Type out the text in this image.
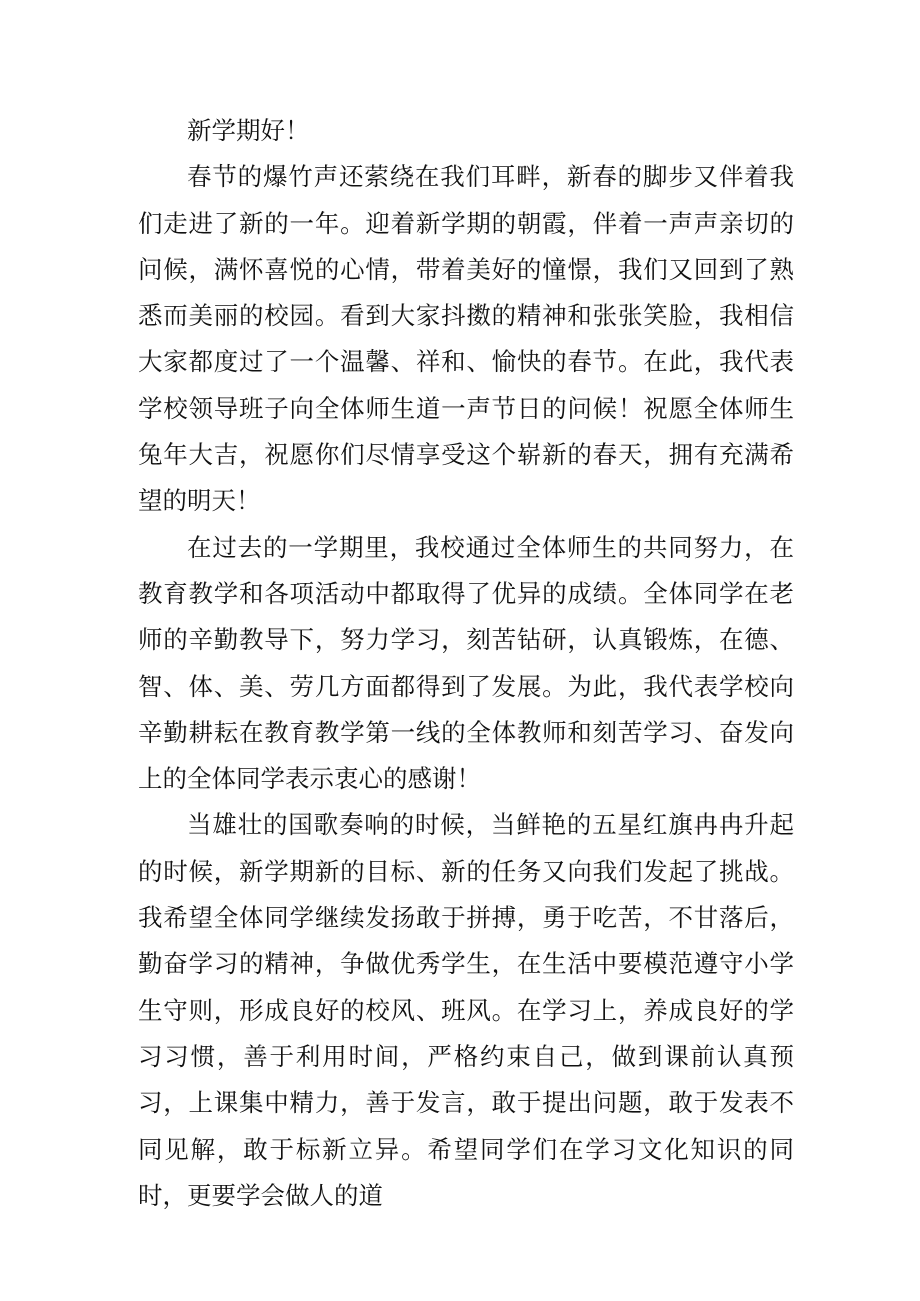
新学期好！

春节的爆竹声还萦绕在我们耳畔，新春的脚步又伴着我们走进了新的一年。迎着新学期的朝霞，伴着一声声亲切的问候，满怀喜悦的心情，带着美好的憧憬，我们又回到了熟悉而美丽的校园。看到大家抖擞的精神和张张笑脸，我相信大家都度过了一个温馨、祥和、愉快的春节。在此，我代表学校领导班子向全体师生道一声节日的问候！祝愿全体师生兔年大吉，祝愿你们尽情享受这个崭新的春天，拥有充满希望的明天！

在过去的一学期里，我校通过全体师生的共同努力，在教育教学和各项活动中都取得了优异的成绩。全体同学在老师的辛勤教导下，努力学习，刻苦钻研，认真锻炼，在德、智、体、美、劳几方面都得到了发展。为此，我代表学校向辛勤耕耘在教育教学第一线的全体教师和刻苦学习、奋发向上的全体同学表示衷心的感谢！

当雄壮的国歌奏响的时候，当鲜艳的五星红旗冉冉升起的时候，新学期新的目标、新的任务又向我们发起了挑战。我希望全体同学继续发扬敢于拼搏，勇于吃苦，不甘落后，勤奋学习的精神，争做优秀学生，在生活中要模范遵守小学生守则，形成良好的校风、班风。在学习上，养成良好的学习习惯，善于利用时间，严格约束自己，做到课前认真预习，上课集中精力，善于发言，敢于提出问题，敢于发表不同见解，敢于标新立异。希望同学们在学习文化知识的同时，更要学会做人的道
